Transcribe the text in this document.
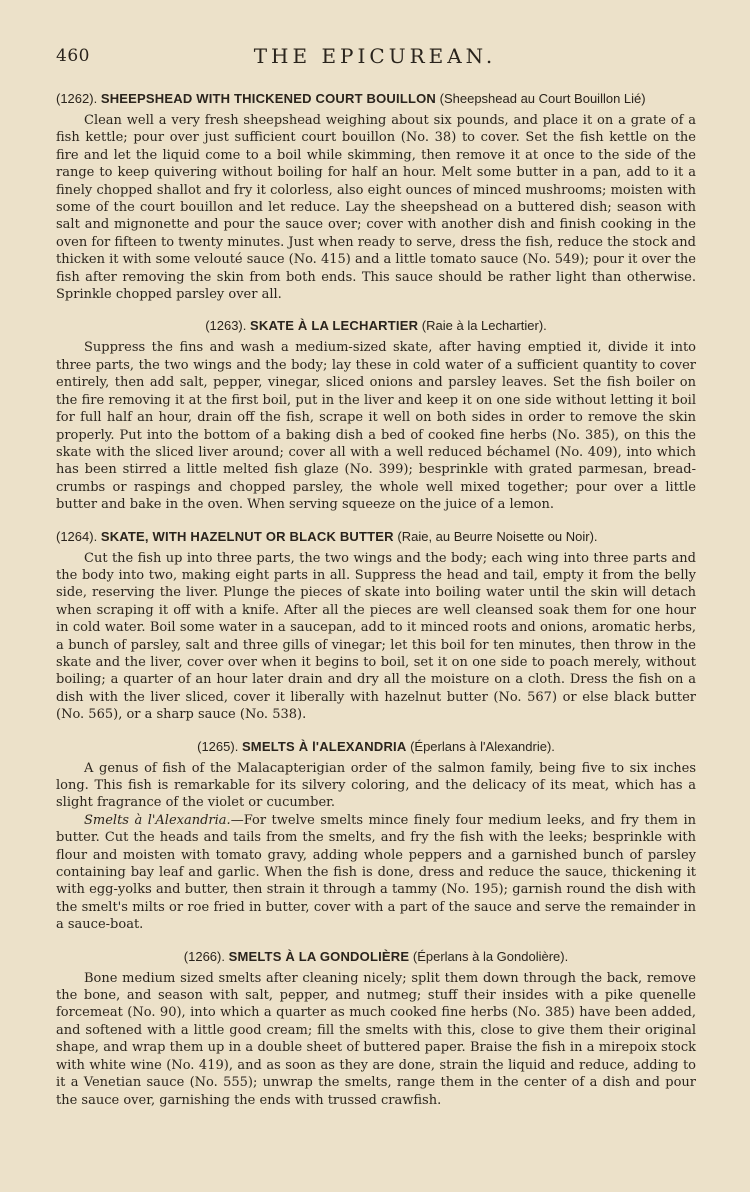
460	THE EPICUREAN.
(1262). SHEEPSHEAD WITH THICKENED COURT BOUILLON (Sheepshead au Court Bouillon Lié)

Clean well a very fresh sheepshead weighing about six pounds, and place it on a grate of a fish kettle; pour over just sufficient court bouillon (No. 38) to cover. Set the fish kettle on the fire and let the liquid come to a boil while skimming, then remove it at once to the side of the range to keep quivering without boiling for half an hour. Melt some butter in a pan, add to it a finely chopped shallot and fry it colorless, also eight ounces of minced mushrooms; moisten with some of the court bouillon and let reduce. Lay the sheepshead on a buttered dish; season with salt and mignonette and pour the sauce over; cover with another dish and finish cooking in the oven for fifteen to twenty minutes. Just when ready to serve, dress the fish, reduce the stock and thicken it with some velouté sauce (No. 415) and a little tomato sauce (No. 549); pour it over the fish after removing the skin from both ends. This sauce should be rather light than otherwise. Sprinkle chopped parsley over all.

(1263). SKATE À LA LECHARTIER (Raie à la Lechartier).

Suppress the fins and wash a medium-sized skate, after having emptied it, divide it into three parts, the two wings and the body; lay these in cold water of a sufficient quantity to cover entirely, then add salt, pepper, vinegar, sliced onions and parsley leaves. Set the fish boiler on the fire removing it at the first boil, put in the liver and keep it on one side without letting it boil for full half an hour, drain off the fish, scrape it well on both sides in order to remove the skin properly. Put into the bottom of a baking dish a bed of cooked fine herbs (No. 385), on this the skate with the sliced liver around; cover all with a well reduced béchamel (No. 409), into which has been stirred a little melted fish glaze (No. 399); besprinkle with grated parmesan, bread-crumbs or raspings and chopped parsley, the whole well mixed together; pour over a little butter and bake in the oven. When serving squeeze on the juice of a lemon.

(1264). SKATE, WITH HAZELNUT OR BLACK BUTTER (Raie, au Beurre Noisette ou Noir).

Cut the fish up into three parts, the two wings and the body; each wing into three parts and the body into two, making eight parts in all. Suppress the head and tail, empty it from the belly side, reserving the liver. Plunge the pieces of skate into boiling water until the skin will detach when scraping it off with a knife. After all the pieces are well cleansed soak them for one hour in cold water. Boil some water in a saucepan, add to it minced roots and onions, aromatic herbs, a bunch of parsley, salt and three gills of vinegar; let this boil for ten minutes, then throw in the skate and the liver, cover over when it begins to boil, set it on one side to poach merely, without boiling; a quarter of an hour later drain and dry all the moisture on a cloth. Dress the fish on a dish with the liver sliced, cover it liberally with hazelnut butter (No. 567) or else black butter (No. 565), or a sharp sauce (No. 538).

(1265). SMELTS À l'ALEXANDRIA (Éperlans à l'Alexandrie).

A genus of fish of the Malacapterigian order of the salmon family, being five to six inches long. This fish is remarkable for its silvery coloring, and the delicacy of its meat, which has a slight fragrance of the violet or cucumber.

Smelts à l'Alexandria.—For twelve smelts mince finely four medium leeks, and fry them in butter. Cut the heads and tails from the smelts, and fry the fish with the leeks; besprinkle with flour and moisten with tomato gravy, adding whole peppers and a garnished bunch of parsley containing bay leaf and garlic. When the fish is done, dress and reduce the sauce, thickening it with egg-yolks and butter, then strain it through a tammy (No. 195); garnish round the dish with the smelt's milts or roe fried in butter, cover with a part of the sauce and serve the remainder in a sauce-boat.

(1266). SMELTS À LA GONDOLIÈRE (Éperlans à la Gondolière).

Bone medium sized smelts after cleaning nicely; split them down through the back, remove the bone, and season with salt, pepper, and nutmeg; stuff their insides with a pike quenelle forcemeat (No. 90), into which a quarter as much cooked fine herbs (No. 385) have been added, and softened with a little good cream; fill the smelts with this, close to give them their original shape, and wrap them up in a double sheet of buttered paper. Braise the fish in a mirepoix stock with white wine (No. 419), and as soon as they are done, strain the liquid and reduce, adding to it a Venetian sauce (No. 555); unwrap the smelts, range them in the center of a dish and pour the sauce over, garnishing the ends with trussed crawfish.
